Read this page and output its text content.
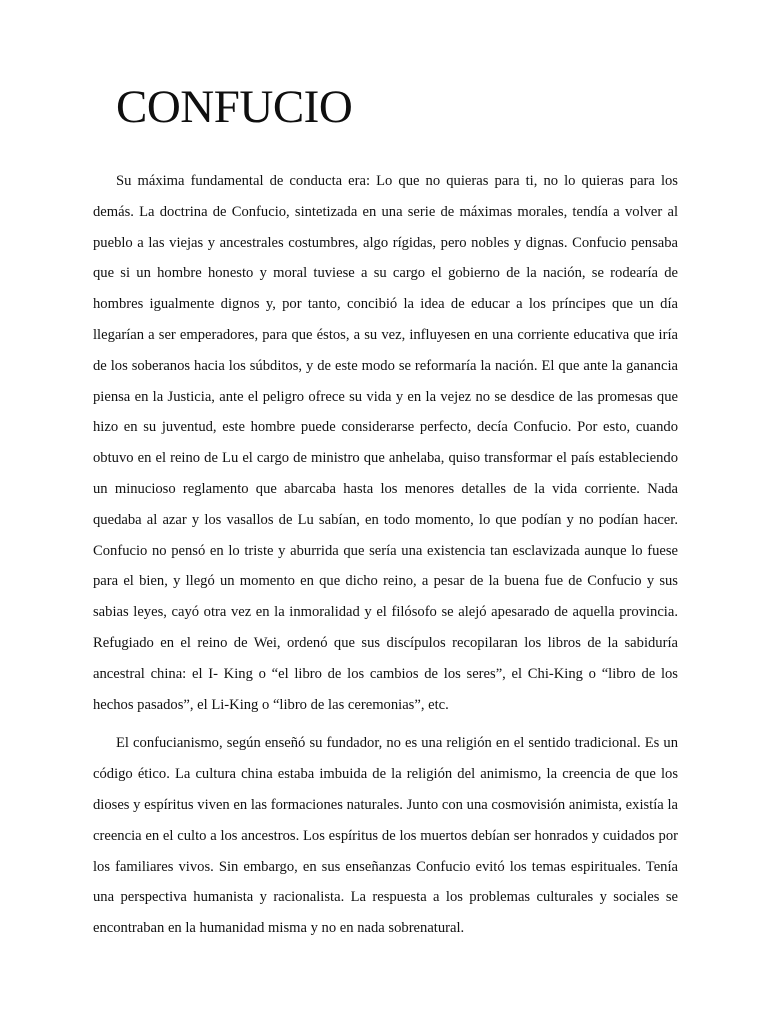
CONFUCIO

Su máxima fundamental de conducta era: Lo que no quieras para ti, no lo quieras para los demás. La doctrina de Confucio, sintetizada en una serie de máximas morales, tendía a volver al pueblo a las viejas y ancestrales costumbres, algo rígidas, pero nobles y dignas. Confucio pensaba que si un hombre honesto y moral tuviese a su cargo el gobierno de la nación, se rodearía de hombres igualmente dignos y, por tanto, concibió la idea de educar a los príncipes que un día llegarían a ser emperadores, para que éstos, a su vez, influyesen en una corriente educativa que iría de los soberanos hacia los súbditos, y de este modo se reformaría la nación. El que ante la ganancia piensa en la Justicia, ante el peligro ofrece su vida y en la vejez no se desdice de las promesas que hizo en su juventud, este hombre puede considerarse perfecto, decía Confucio. Por esto, cuando obtuvo en el reino de Lu el cargo de ministro que anhelaba, quiso transformar el país estableciendo un minucioso reglamento que abarcaba hasta los menores detalles de la vida corriente. Nada quedaba al azar y los vasallos de Lu sabían, en todo momento, lo que podían y no podían hacer. Confucio no pensó en lo triste y aburrida que sería una existencia tan esclavizada aunque lo fuese para el bien, y llegó un momento en que dicho reino, a pesar de la buena fue de Confucio y sus sabias leyes, cayó otra vez en la inmoralidad y el filósofo se alejó apesarado de aquella provincia. Refugiado en el reino de Wei, ordenó que sus discípulos recopilaran los libros de la sabiduría ancestral china: el I- King o “el libro de los cambios de los seres”, el Chi-King o “libro de los hechos pasados”, el Li-King o “libro de las ceremonias”, etc.

El confucianismo, según enseñó su fundador, no es una religión en el sentido tradicional. Es un código ético. La cultura china estaba imbuida de la religión del animismo, la creencia de que los dioses y espíritus viven en las formaciones naturales. Junto con una cosmovisión animista, existía la creencia en el culto a los ancestros. Los espíritus de los muertos debían ser honrados y cuidados por los familiares vivos. Sin embargo, en sus enseñanzas Confucio evitó los temas espirituales. Tenía una perspectiva humanista y racionalista. La respuesta a los problemas culturales y sociales se encontraban en la humanidad misma y no en nada sobrenatural.
